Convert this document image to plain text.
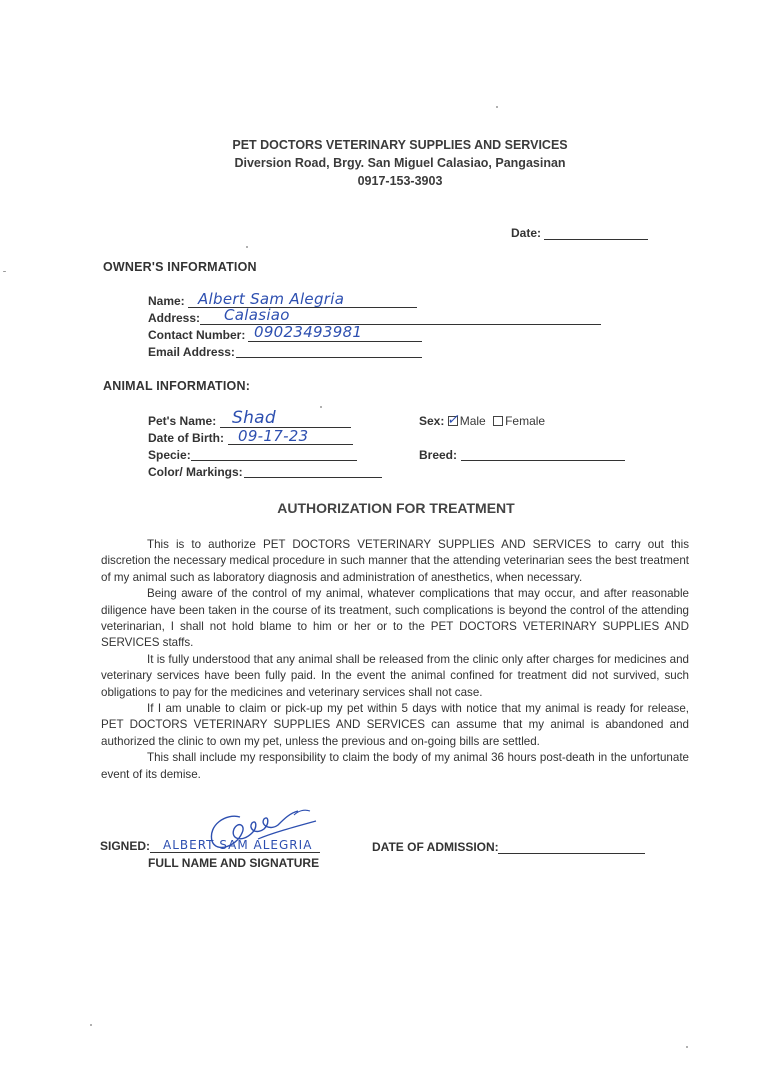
PET DOCTORS VETERINARY SUPPLIES AND SERVICES
Diversion Road, Brgy. San Miguel Calasiao, Pangasinan
0917-153-3903
Date:
OWNER'S INFORMATION
Name: Albert Sam Alegria
Address: Calasiao
Contact Number: 09023493981
Email Address:
ANIMAL INFORMATION:
Pet's Name: Shad
Date of Birth: 09-17-23
Specie:
Color/ Markings:
Sex: ✓ Male Female
Breed:
AUTHORIZATION FOR TREATMENT

This is to authorize PET DOCTORS VETERINARY SUPPLIES AND SERVICES to carry out this discretion the necessary medical procedure in such manner that the attending veterinarian sees the best treatment of my animal such as laboratory diagnosis and administration of anesthetics, when necessary.

Being aware of the control of my animal, whatever complications that may occur, and after reasonable diligence have been taken in the course of its treatment, such complications is beyond the control of the attending veterinarian, I shall not hold blame to him or her or to the PET DOCTORS VETERINARY SUPPLIES AND SERVICES staffs.

It is fully understood that any animal shall be released from the clinic only after charges for medicines and veterinary services have been fully paid. In the event the animal confined for treatment did not survived, such obligations to pay for the medicines and veterinary services shall not case.

If I am unable to claim or pick-up my pet within 5 days with notice that my animal is ready for release, PET DOCTORS VETERINARY SUPPLIES AND SERVICES can assume that my animal is abandoned and authorized the clinic to own my pet, unless the previous and on-going bills are settled.

This shall include my responsibility to claim the body of my animal 36 hours post-death in the unfortunate event of its demise.

SIGNED: ALBERT SAM ALEGRIA
FULL NAME AND SIGNATURE
DATE OF ADMISSION:
